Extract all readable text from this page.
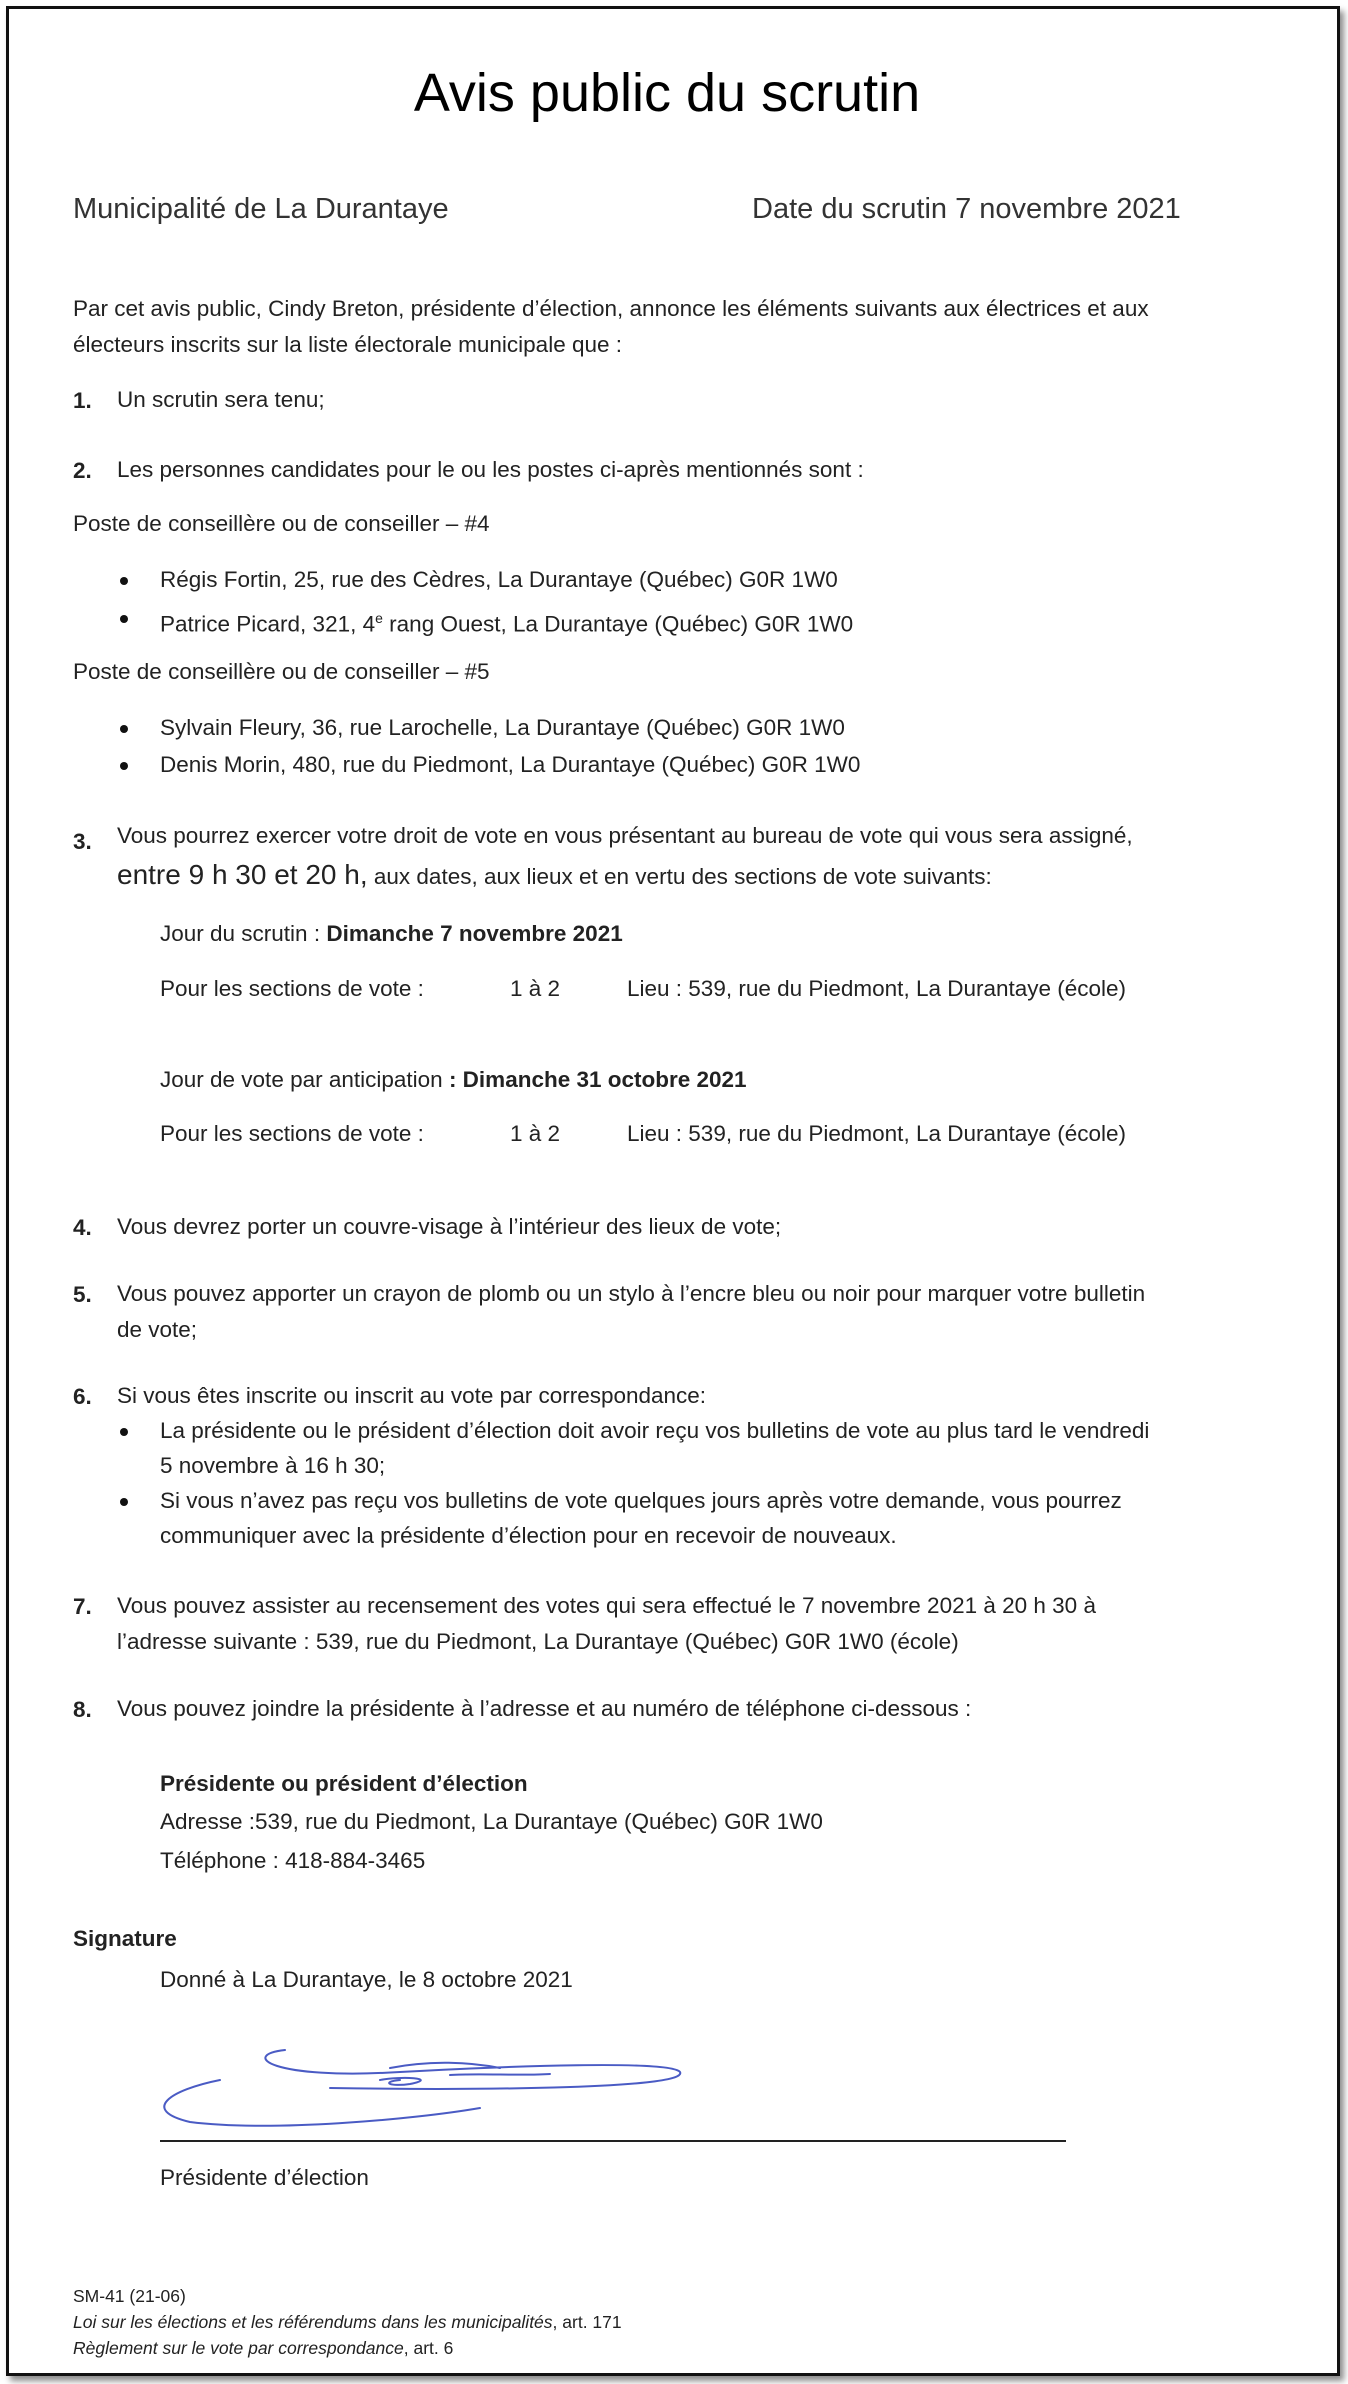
Avis public du scrutin
Municipalité de La Durantaye	Date du scrutin 7 novembre 2021
Par cet avis public, Cindy Breton, présidente d’élection, annonce les éléments suivants aux électrices et aux
électeurs inscrits sur la liste électorale municipale que :
1. Un scrutin sera tenu;
2. Les personnes candidates pour le ou les postes ci-après mentionnés sont :
Poste de conseillère ou de conseiller – #4
Régis Fortin, 25, rue des Cèdres, La Durantaye (Québec) G0R 1W0
Patrice Picard, 321, 4e rang Ouest, La Durantaye (Québec) G0R 1W0
Poste de conseillère ou de conseiller – #5
Sylvain Fleury, 36, rue Larochelle, La Durantaye (Québec) G0R 1W0
Denis Morin, 480, rue du Piedmont, La Durantaye (Québec) G0R 1W0
3. Vous pourrez exercer votre droit de vote en vous présentant au bureau de vote qui vous sera assigné,
entre 9 h 30 et 20 h, aux dates, aux lieux et en vertu des sections de vote suivants:
Jour du scrutin : Dimanche 7 novembre 2021
Pour les sections de vote :	1 à 2	Lieu : 539, rue du Piedmont, La Durantaye (école)
Jour de vote par anticipation : Dimanche 31 octobre 2021
Pour les sections de vote :	1 à 2	Lieu : 539, rue du Piedmont, La Durantaye (école)
4. Vous devrez porter un couvre-visage à l’intérieur des lieux de vote;
5. Vous pouvez apporter un crayon de plomb ou un stylo à l’encre bleu ou noir pour marquer votre bulletin
de vote;
6. Si vous êtes inscrite ou inscrit au vote par correspondance:
La présidente ou le président d’élection doit avoir reçu vos bulletins de vote au plus tard le vendredi
5 novembre à 16 h 30;
Si vous n’avez pas reçu vos bulletins de vote quelques jours après votre demande, vous pourrez
communiquer avec la présidente d’élection pour en recevoir de nouveaux.
7. Vous pouvez assister au recensement des votes qui sera effectué le 7 novembre 2021 à 20 h 30 à
l’adresse suivante : 539, rue du Piedmont, La Durantaye (Québec) G0R 1W0 (école)
8. Vous pouvez joindre la présidente à l’adresse et au numéro de téléphone ci-dessous :
Présidente ou président d’élection
Adresse :539, rue du Piedmont, La Durantaye (Québec) G0R 1W0
Téléphone : 418-884-3465
Signature
Donné à La Durantaye, le 8 octobre 2021
Présidente d’élection
SM-41 (21-06)
Loi sur les élections et les référendums dans les municipalités, art. 171
Règlement sur le vote par correspondance, art. 6
